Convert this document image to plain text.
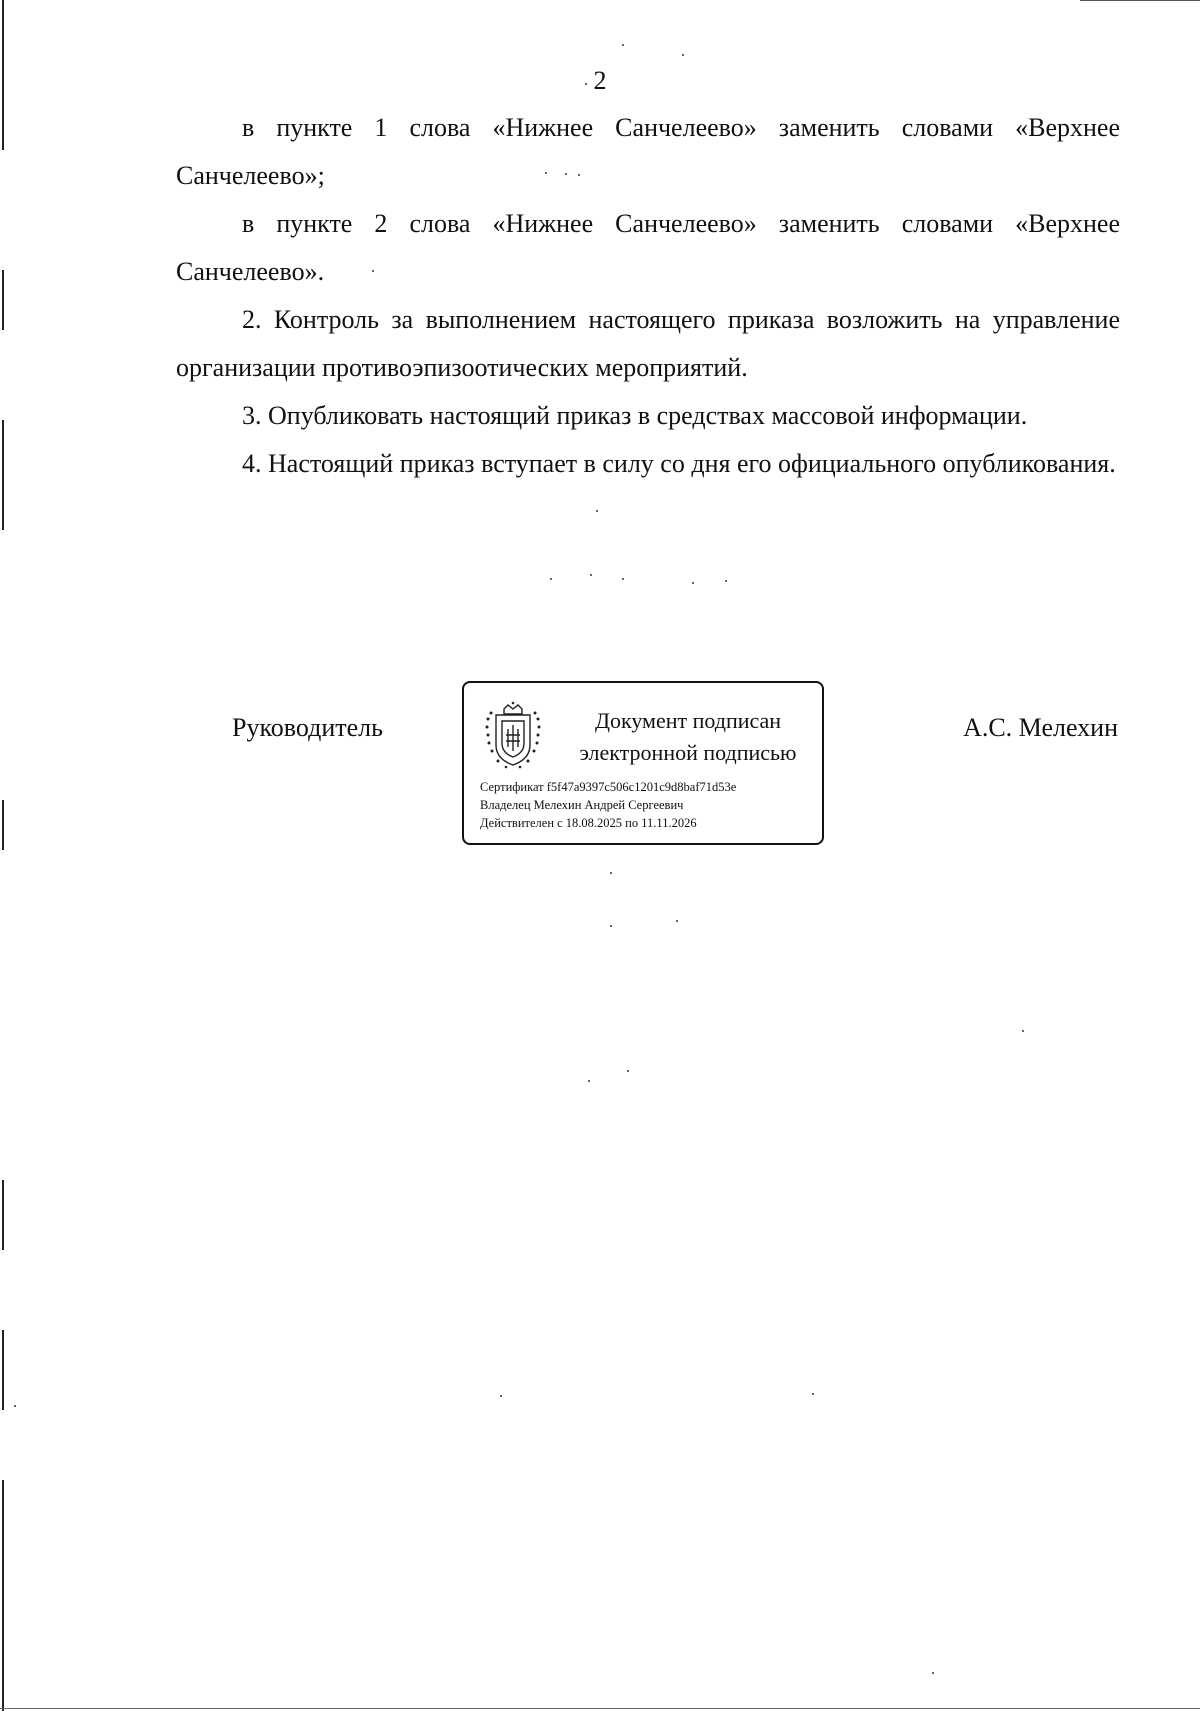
2

в пункте 1 слова «Нижнее Санчелеево» заменить словами «Верхнее Санчелеево»;

в пункте 2 слова «Нижнее Санчелеево» заменить словами «Верхнее Санчелеево».

2. Контроль за выполнением настоящего приказа возложить на управление организации противоэпизоотических мероприятий.

3. Опубликовать настоящий приказ в средствах массовой информации.

4. Настоящий приказ вступает в силу со дня его официального опубликования.

Руководитель	Документ подписан
электронной подписью
Сертификат f5f47a9397c506c1201c9d8baf71d53e
Владелец Мелехин Андрей Сергеевич
Действителен с 18.08.2025 по 11.11.2026
А.С. Мелехин
